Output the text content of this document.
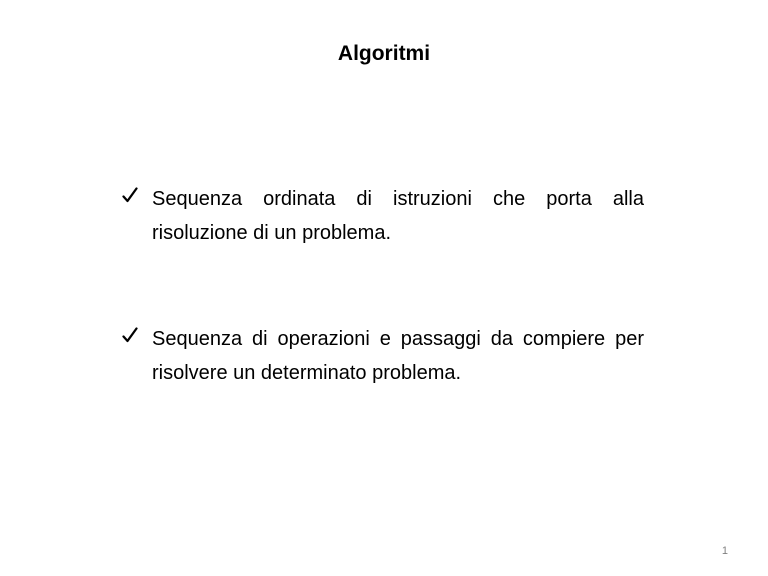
Algoritmi
Sequenza ordinata di istruzioni che porta alla
risoluzione di un problema.
Sequenza di operazioni e passaggi da compiere per
risolvere un determinato problema.
1
